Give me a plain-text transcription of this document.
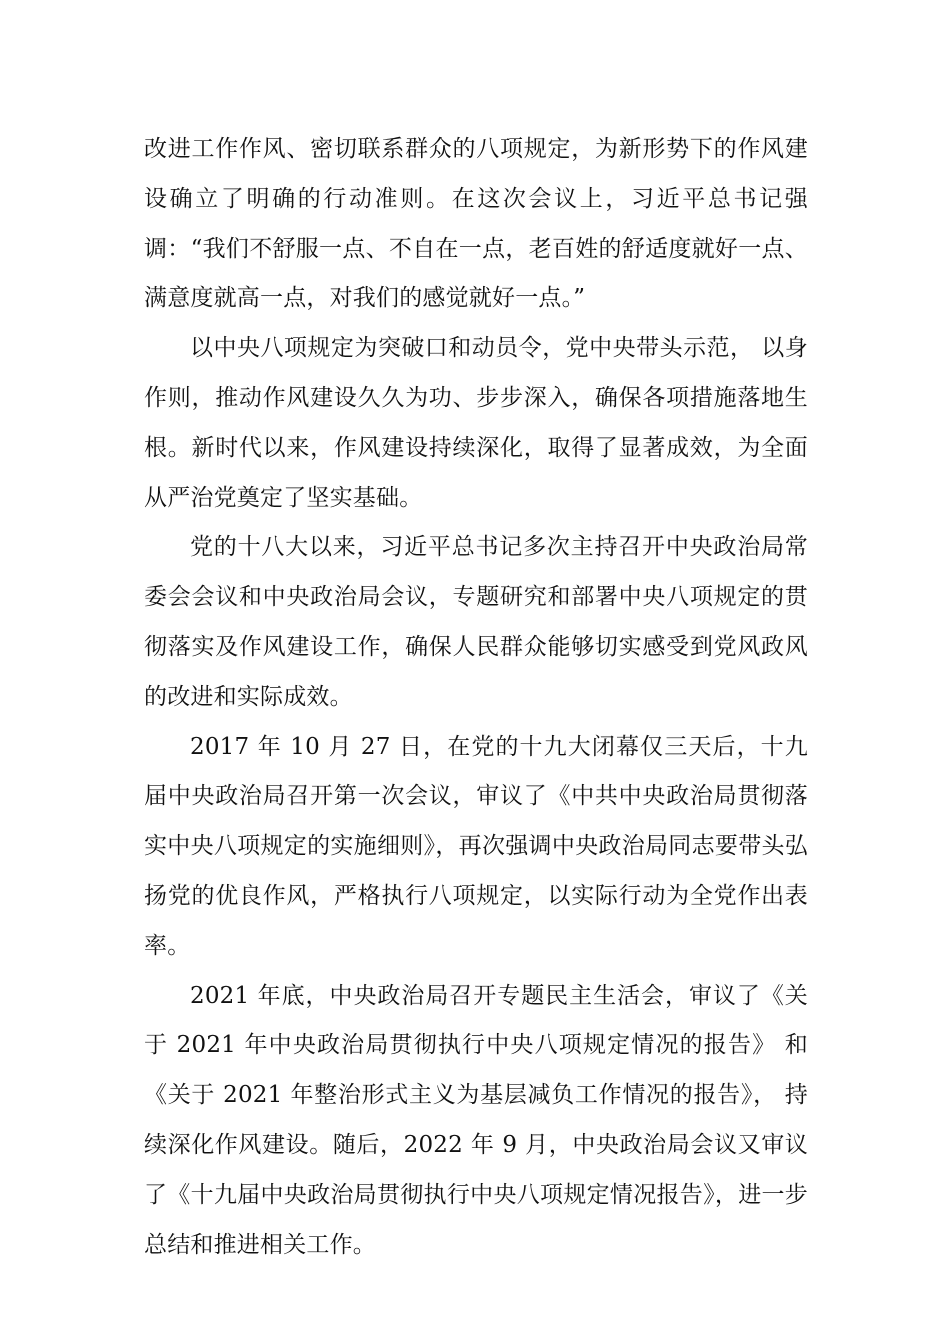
改进工作作风、密切联系群众的八项规定，为新形势下的作风建设确立了明确的行动准则。在这次会议上，习近平总书记强调：“我们不舒服一点、不自在一点，老百姓的舒适度就好一点、满意度就高一点，对我们的感觉就好一点。”

以中央八项规定为突破口和动员令，党中央带头示范， 以身作则，推动作风建设久久为功、步步深入，确保各项措施落地生根。新时代以来，作风建设持续深化，取得了显著成效，为全面从严治党奠定了坚实基础。

党的十八大以来，习近平总书记多次主持召开中央政治局常委会会议和中央政治局会议，专题研究和部署中央八项规定的贯彻落实及作风建设工作，确保人民群众能够切实感受到党风政风的改进和实际成效。

2017 年 10 月 27 日，在党的十九大闭幕仅三天后，十九届中央政治局召开第一次会议，审议了《中共中央政治局贯彻落实中央八项规定的实施细则》，再次强调中央政治局同志要带头弘扬党的优良作风，严格执行八项规定，以实际行动为全党作出表率。

2021 年底，中央政治局召开专题民主生活会，审议了《关于 2021 年中央政治局贯彻执行中央八项规定情况的报告》 和《关于 2021 年整治形式主义为基层减负工作情况的报告》， 持续深化作风建设。随后，2022 年 9 月，中央政治局会议又审议了《十九届中央政治局贯彻执行中央八项规定情况报告》，进一步总结和推进相关工作。
